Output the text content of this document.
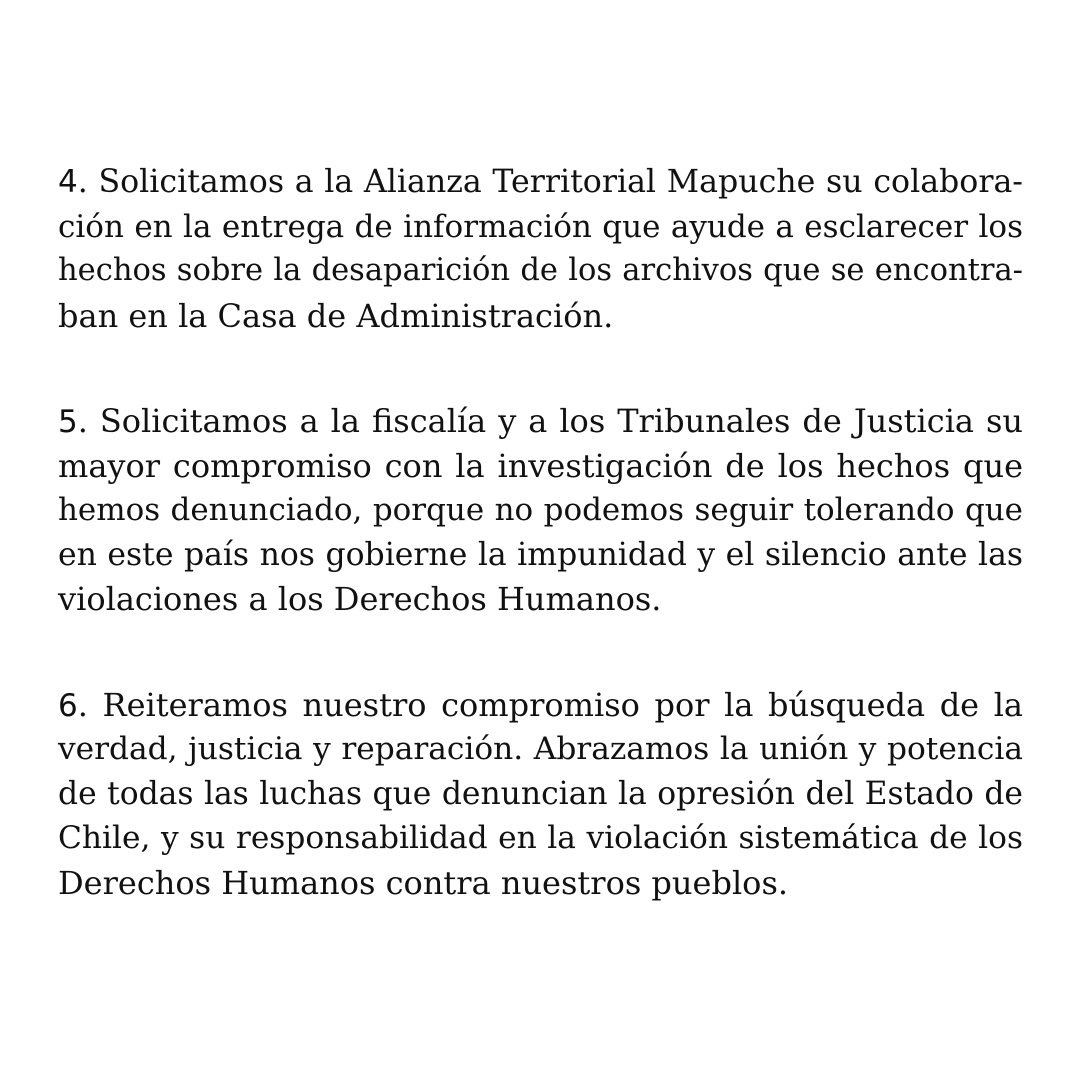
4. Solicitamos a la Alianza Territorial Mapuche su colabora-
ción en la entrega de información que ayude a esclarecer los
hechos sobre la desaparición de los archivos que se encontra-
ban en la Casa de Administración.
5. Solicitamos a la fiscalía y a los Tribunales de Justicia su
mayor compromiso con la investigación de los hechos que
hemos denunciado, porque no podemos seguir tolerando que
en este país nos gobierne la impunidad y el silencio ante las
violaciones a los Derechos Humanos.
6. Reiteramos nuestro compromiso por la búsqueda de la
verdad, justicia y reparación. Abrazamos la unión y potencia
de todas las luchas que denuncian la opresión del Estado de
Chile, y su responsabilidad en la violación sistemática de los
Derechos Humanos contra nuestros pueblos.
